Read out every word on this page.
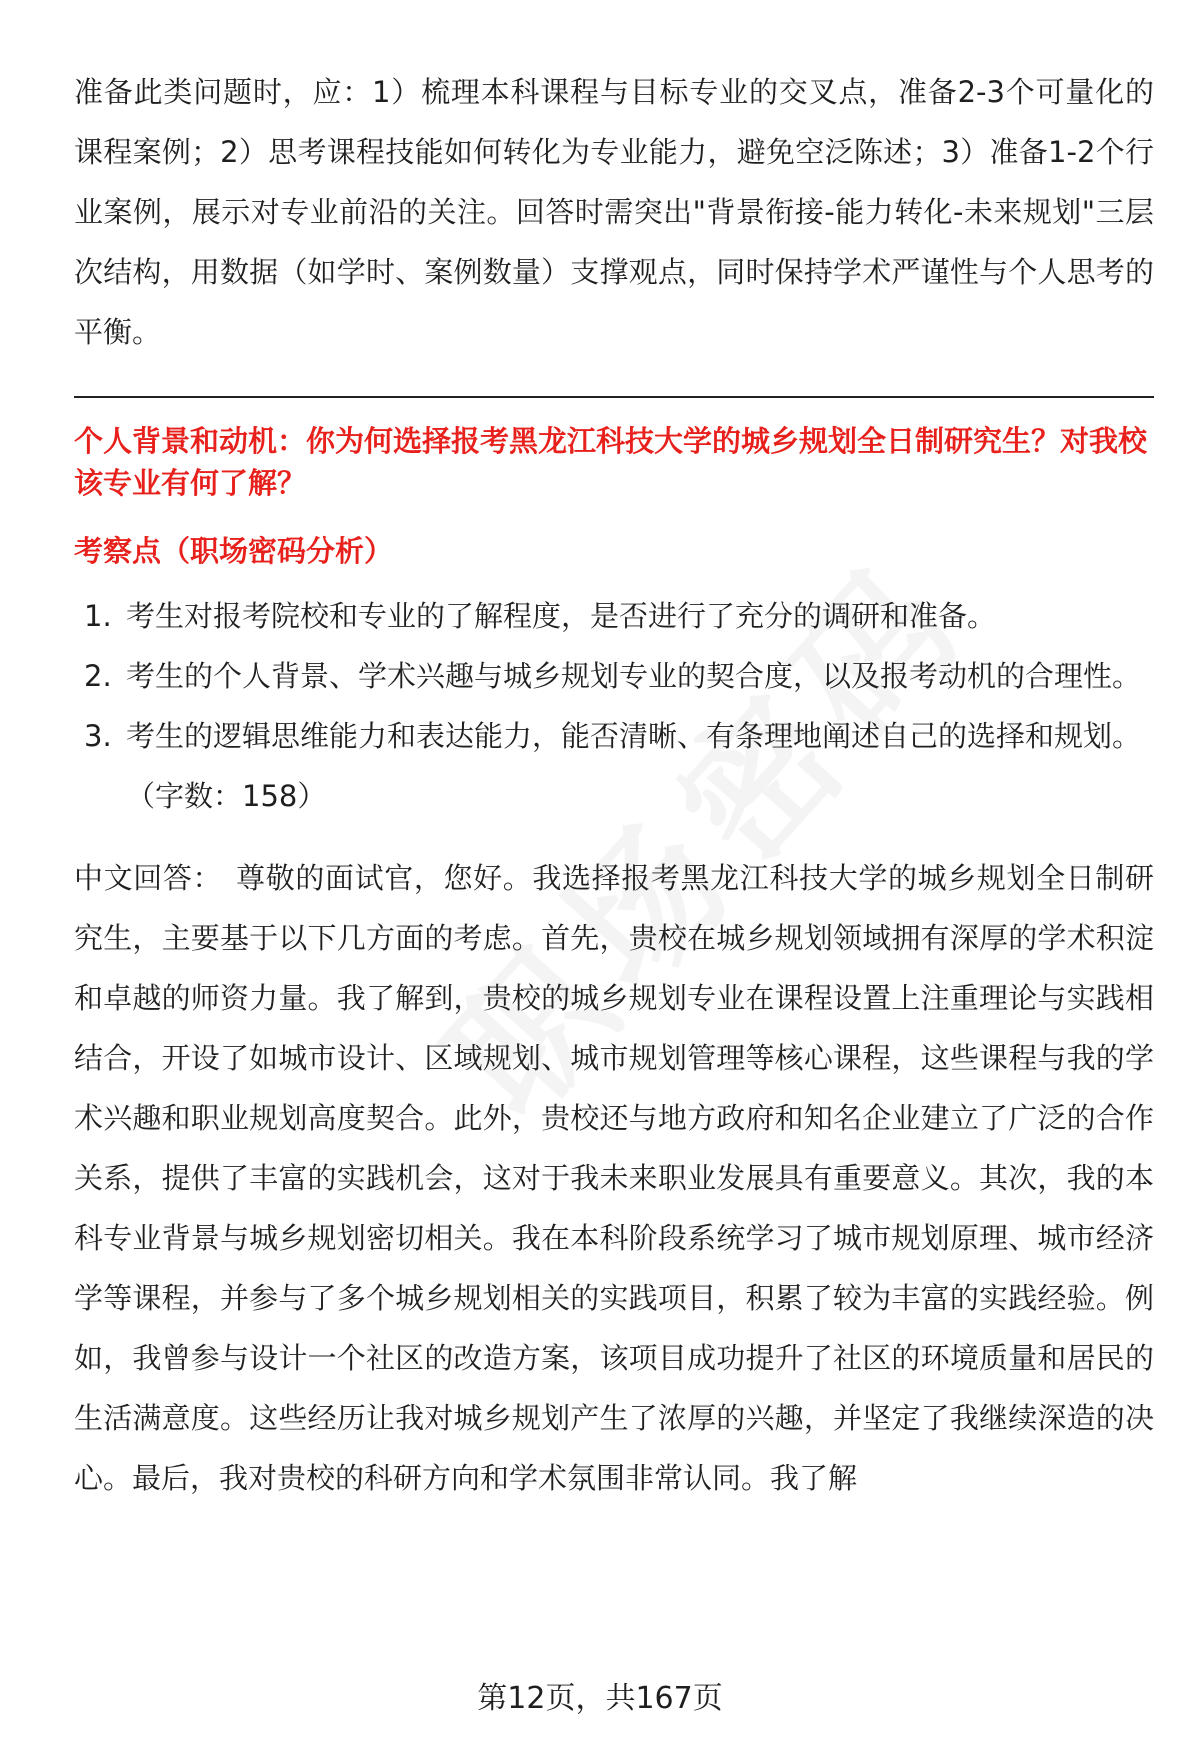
准备此类问题时，应：1）梳理本科课程与目标专业的交叉点，准备2-3个可量化的课程案例；2）思考课程技能如何转化为专业能力，避免空泛陈述；3）准备1-2个行业案例，展示对专业前沿的关注。回答时需突出"背景衔接-能力转化-未来规划"三层次结构，用数据（如学时、案例数量）支撑观点，同时保持学术严谨性与个人思考的平衡。

个人背景和动机：你为何选择报考黑龙江科技大学的城乡规划全日制研究生？对我校该专业有何了解？

考察点（职场密码分析）

1. 考生对报考院校和专业的了解程度，是否进行了充分的调研和准备。
2. 考生的个人背景、学术兴趣与城乡规划专业的契合度，以及报考动机的合理性。
3. 考生的逻辑思维能力和表达能力，能否清晰、有条理地阐述自己的选择和规划。

（字数：158）

中文回答： 尊敬的面试官，您好。我选择报考黑龙江科技大学的城乡规划全日制研究生，主要基于以下几方面的考虑。首先，贵校在城乡规划领域拥有深厚的学术积淀和卓越的师资力量。我了解到，贵校的城乡规划专业在课程设置上注重理论与实践相结合，开设了如城市设计、区域规划、城市规划管理等核心课程，这些课程与我的学术兴趣和职业规划高度契合。此外，贵校还与地方政府和知名企业建立了广泛的合作关系，提供了丰富的实践机会，这对于我未来职业发展具有重要意义。其次，我的本科专业背景与城乡规划密切相关。我在本科阶段系统学习了城市规划原理、城市经济学等课程，并参与了多个城乡规划相关的实践项目，积累了较为丰富的实践经验。例如，我曾参与设计一个社区的改造方案，该项目成功提升了社区的环境质量和居民的生活满意度。这些经历让我对城乡规划产生了浓厚的兴趣，并坚定了我继续深造的决心。最后，我对贵校的科研方向和学术氛围非常认同。我了解

第12页，共167页
